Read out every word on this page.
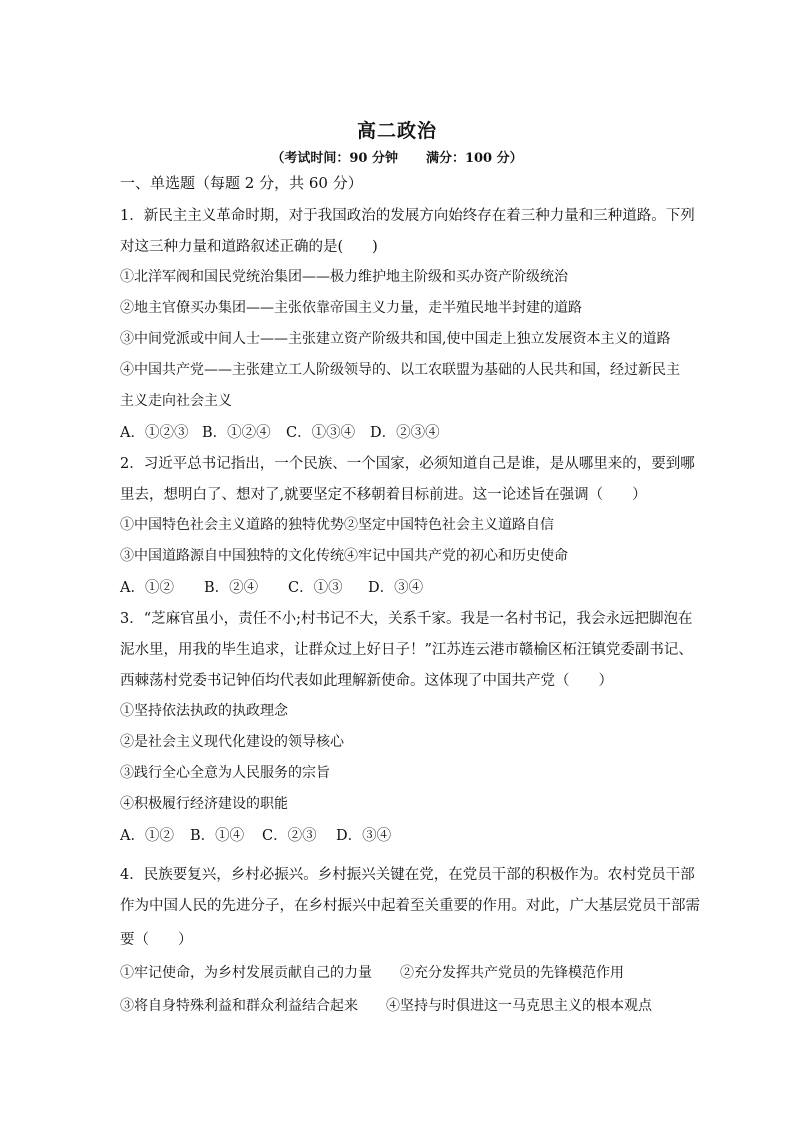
高二政治
（考试时间：90 分钟 满分：100 分）
一、单选题（每题 2 分，共 60 分）
1．新民主主义革命时期，对于我国政治的发展方向始终存在着三种力量和三种道路。下列
对这三种力量和道路叙述正确的是(　　)
①北洋军阀和国民党统治集团——极力维护地主阶级和买办资产阶级统治
②地主官僚买办集团——主张依靠帝国主义力量，走半殖民地半封建的道路
③中间党派或中间人士——主张建立资产阶级共和国,使中国走上独立发展资本主义的道路
④中国共产党——主张建立工人阶级领导的、以工农联盟为基础的人民共和国，经过新民主
主义走向社会主义
A．①②③ B．①②④ C．①③④ D．②③④
2．习近平总书记指出，一个民族、一个国家，必须知道自己是谁，是从哪里来的，要到哪
里去，想明白了、想对了,就要坚定不移朝着目标前进。这一论述旨在强调（　　）
①中国特色社会主义道路的独特优势②坚定中国特色社会主义道路自信
③中国道路源自中国独特的文化传统④牢记中国共产党的初心和历史使命
A．①② B．②④ C．①③ D．③④
3．“芝麻官虽小，责任不小;村书记不大，关系千家。我是一名村书记，我会永远把脚泡在
泥水里，用我的毕生追求，让群众过上好日子！”江苏连云港市赣榆区柘汪镇党委副书记、
西棘荡村党委书记钟佰均代表如此理解新使命。这体现了中国共产党（　　）
①坚持依法执政的执政理念
②是社会主义现代化建设的领导核心
③践行全心全意为人民服务的宗旨
④积极履行经济建设的职能
A．①② B．①④ C．②③ D．③④
4．民族要复兴，乡村必振兴。乡村振兴关键在党，在党员干部的积极作为。农村党员干部
作为中国人民的先进分子，在乡村振兴中起着至关重要的作用。对此，广大基层党员干部需
要（　　）
①牢记使命，为乡村发展贡献自己的力量　　②充分发挥共产党员的先锋模范作用
③将自身特殊利益和群众利益结合起来　　④坚持与时俱进这一马克思主义的根本观点
